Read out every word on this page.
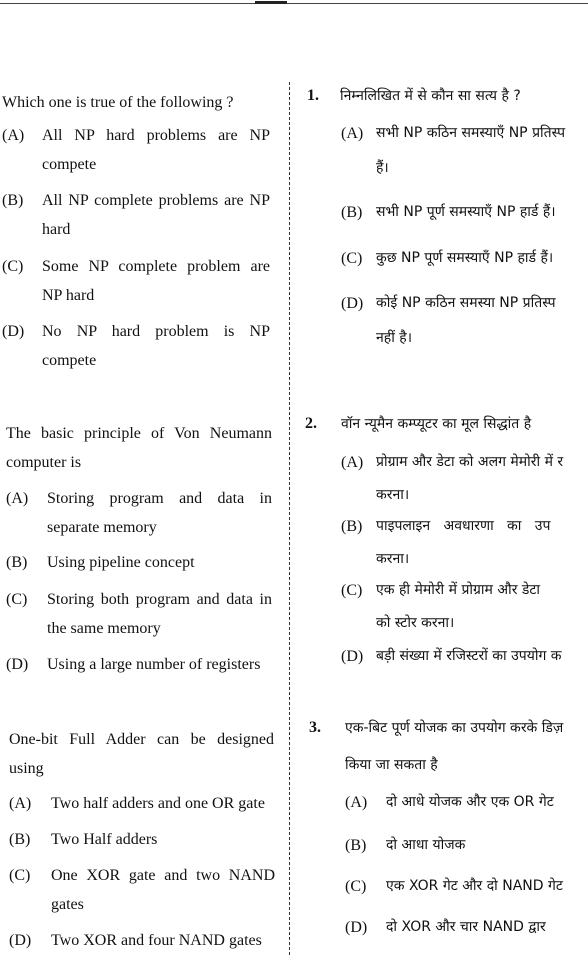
Which one is true of the following ?
(A) All NP hard problems are NP compete
(B) All NP complete problems are NP hard
(C) Some NP complete problem are NP hard
(D) No NP hard problem is NP compete
The basic principle of Von Neumann computer is
(A) Storing program and data in separate memory
(B) Using pipeline concept
(C) Storing both program and data in the same memory
(D) Using a large number of registers
One-bit Full Adder can be designed using
(A) Two half adders and one OR gate
(B) Two Half adders
(C) One XOR gate and two NAND gates
(D) Two XOR and four NAND gates
1. निम्नलिखित में से कौन सा सत्य है ?
(A) सभी NP कठिन समस्याएँ NP प्रतिस्प
हैं।
(B) सभी NP पूर्ण समस्याएँ NP हार्ड हैं।
(C) कुछ NP पूर्ण समस्याएँ NP हार्ड हैं।
(D) कोई NP कठिन समस्या NP प्रतिस्प
नहीं है।
2. वॉन न्यूमैन कम्प्यूटर का मूल सिद्धांत है
(A) प्रोग्राम और डेटा को अलग मेमोरी में र
करना।
(B) पाइपलाइन   अवधारणा   का   उप
करना।
(C) एक ही मेमोरी में प्रोग्राम और डेटा
को स्टोर करना।
(D) बड़ी संख्या में रजिस्टरों का उपयोग क
3. एक-बिट पूर्ण योजक का उपयोग करके डिज़
किया जा सकता है
(A) दो आधे योजक और एक OR गेट
(B) दो आधा योजक
(C) एक XOR गेट और दो NAND गेट
(D) दो XOR और चार NAND द्वार
